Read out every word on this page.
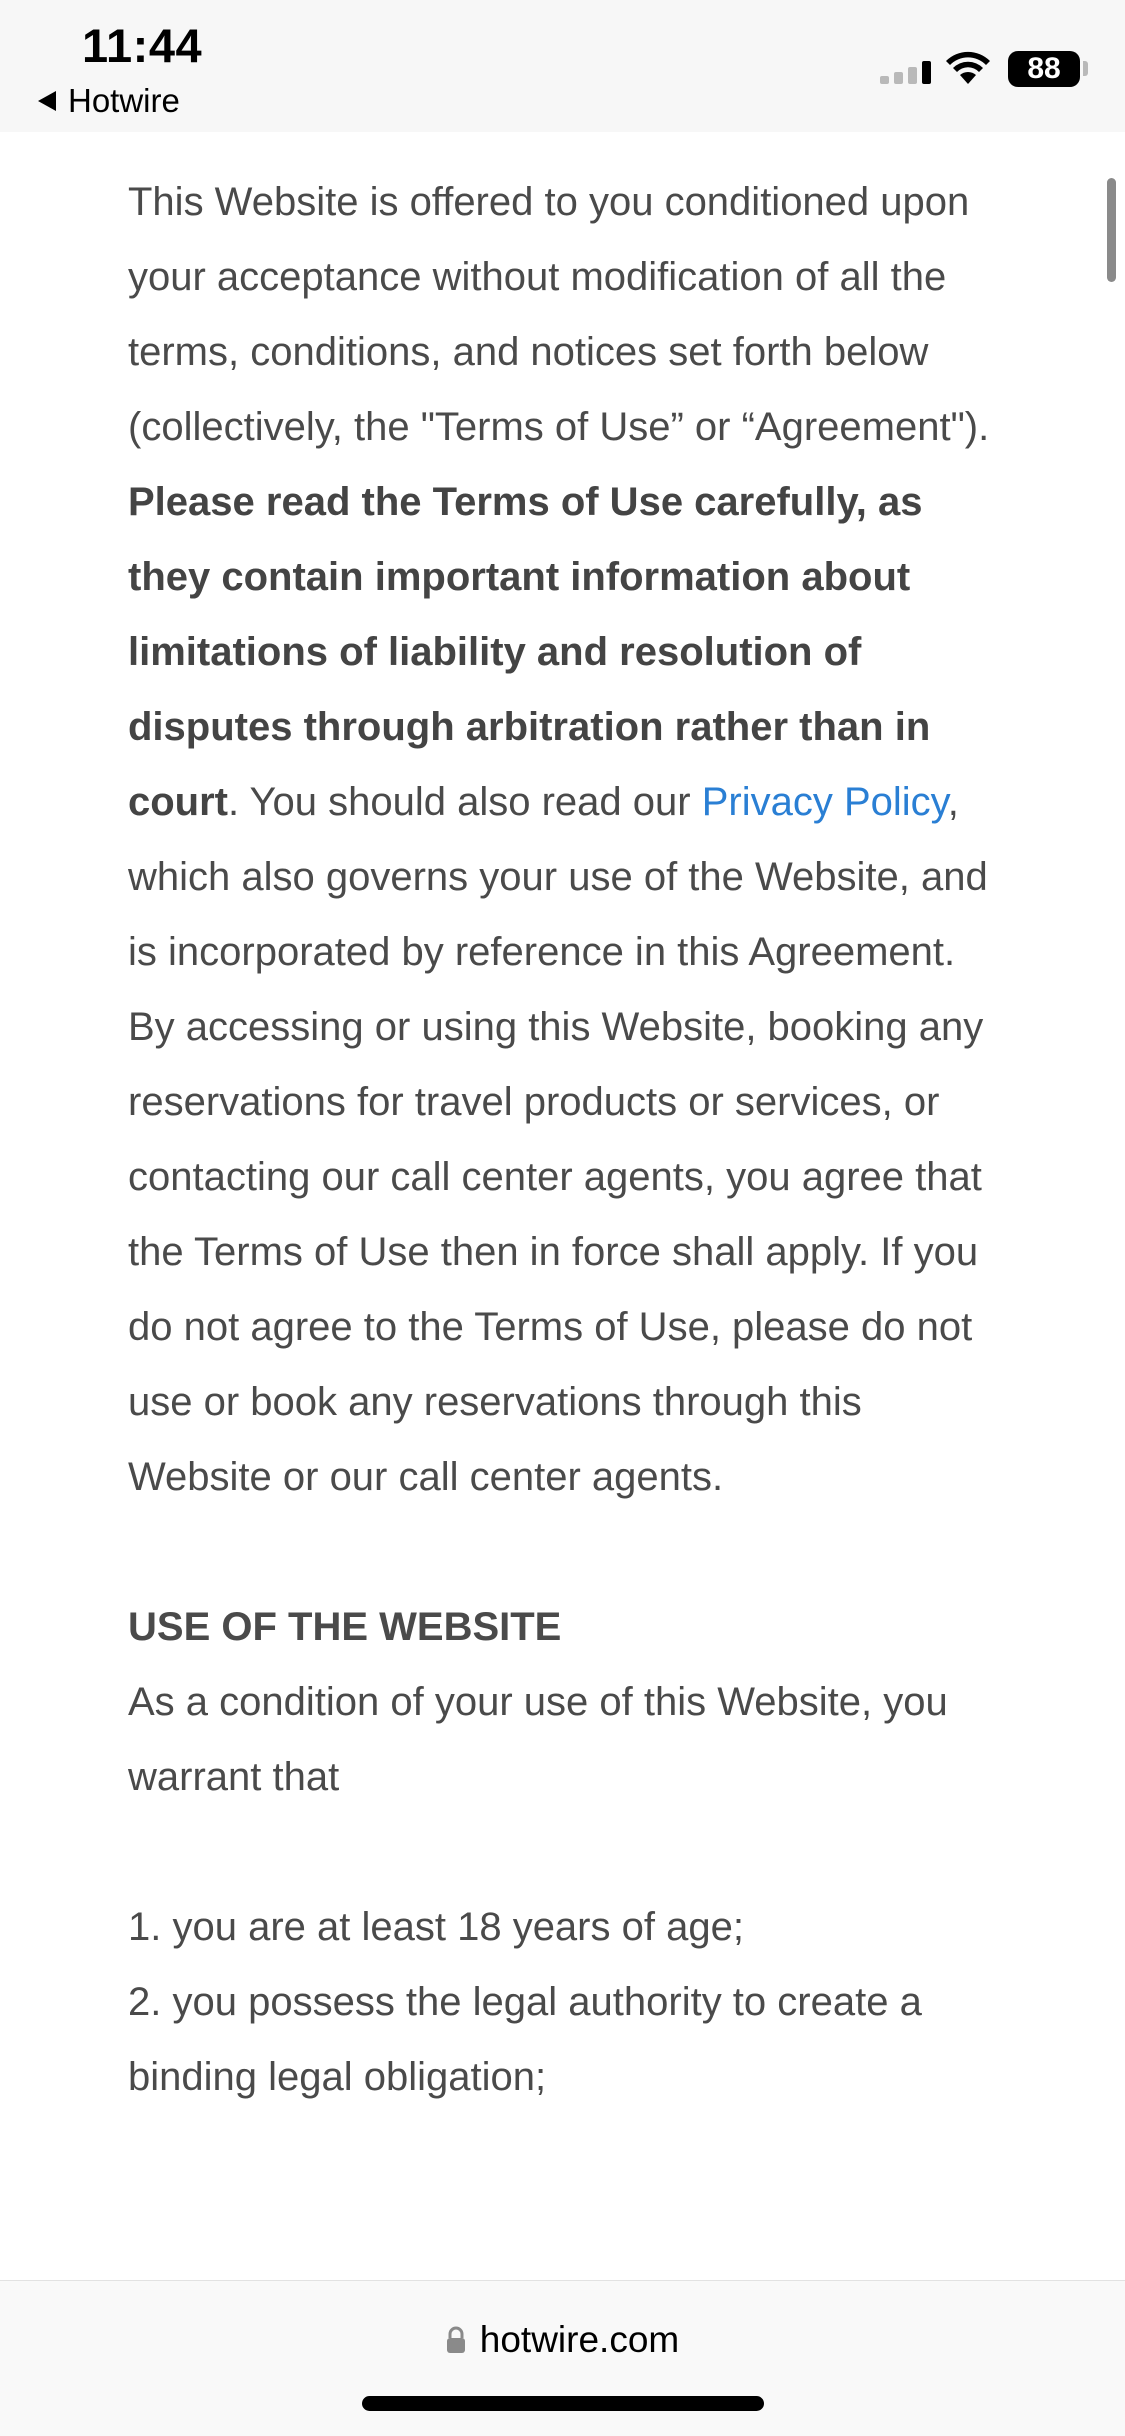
11:44
Hotwire
88

This Website is offered to you conditioned upon your acceptance without modification of all the terms, conditions, and notices set forth below (collectively, the "Terms of Use” or “Agreement"). Please read the Terms of Use carefully, as they contain important information about limitations of liability and resolution of disputes through arbitration rather than in court. You should also read our Privacy Policy, which also governs your use of the Website, and is incorporated by reference in this Agreement. By accessing or using this Website, booking any reservations for travel products or services, or contacting our call center agents, you agree that the Terms of Use then in force shall apply. If you do not agree to the Terms of Use, please do not use or book any reservations through this Website or our call center agents.

USE OF THE WEBSITE

As a condition of your use of this Website, you warrant that

1. you are at least 18 years of age;

2. you possess the legal authority to create a binding legal obligation;

hotwire.com
